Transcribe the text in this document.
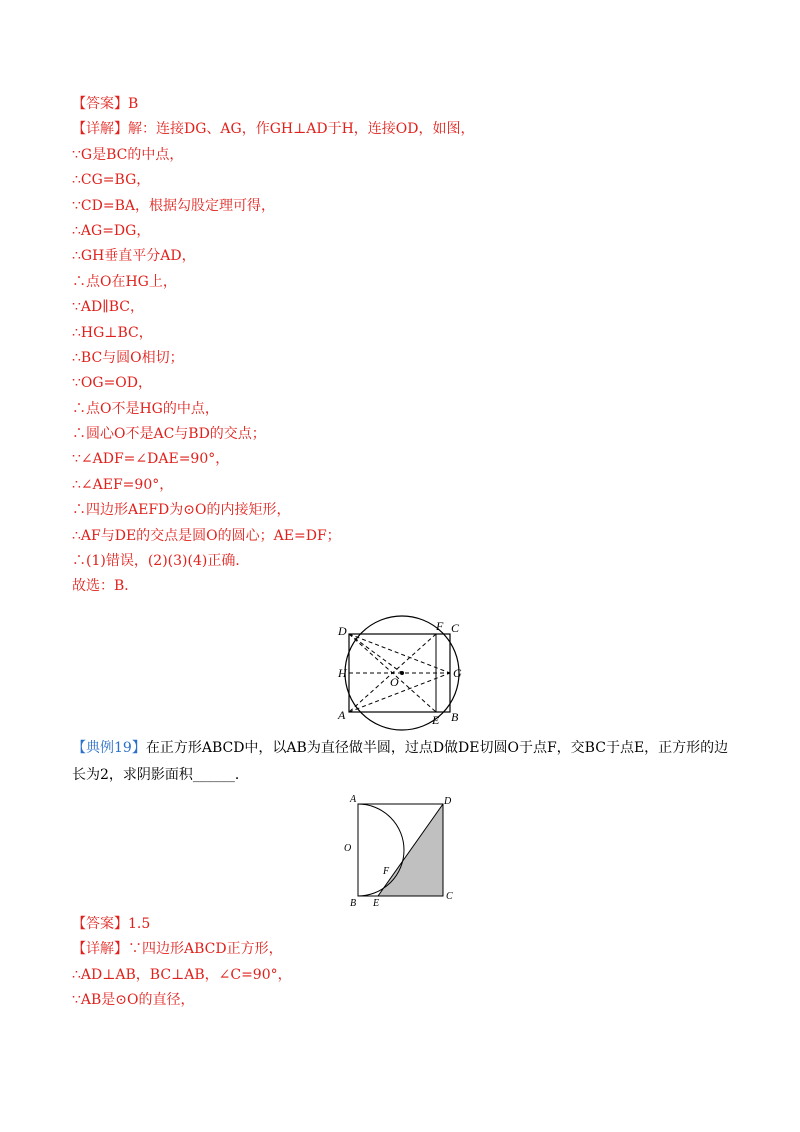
【答案】B
【详解】解：连接DG、AG，作GH⊥AD于H，连接OD，如图，
∵G是BC的中点，
∴CG=BG，
∵CD=BA，根据勾股定理可得，
∴AG=DG，
∴GH垂直平分AD，
∴点O在HG上，
∵AD∥BC，
∴HG⊥BC，
∴BC与圆O相切；
∵OG=OD，
∴点O不是HG的中点，
∴圆心O不是AC与BD的交点；
∵∠ADF=∠DAE=90°，
∴∠AEF=90°，
∴四边形AEFD为⊙O的内接矩形，
∴AF与DE的交点是圆O的圆心；AE=DF；
∴(1)错误，(2)(3)(4)正确．
故选：B．
D	F C
H
O
G
A	E B
【典例19】在正方形ABCD中，以AB为直径做半圆，过点D做DE切圆O于点F，交BC于点E，正方形的边长为2，求阴影面积______．
A	D
O
F
B E
C
【答案】1.5
【详解】∵四边形ABCD正方形，
∴AD⊥AB，BC⊥AB，∠C=90°，
∵AB是⊙O的直径，
